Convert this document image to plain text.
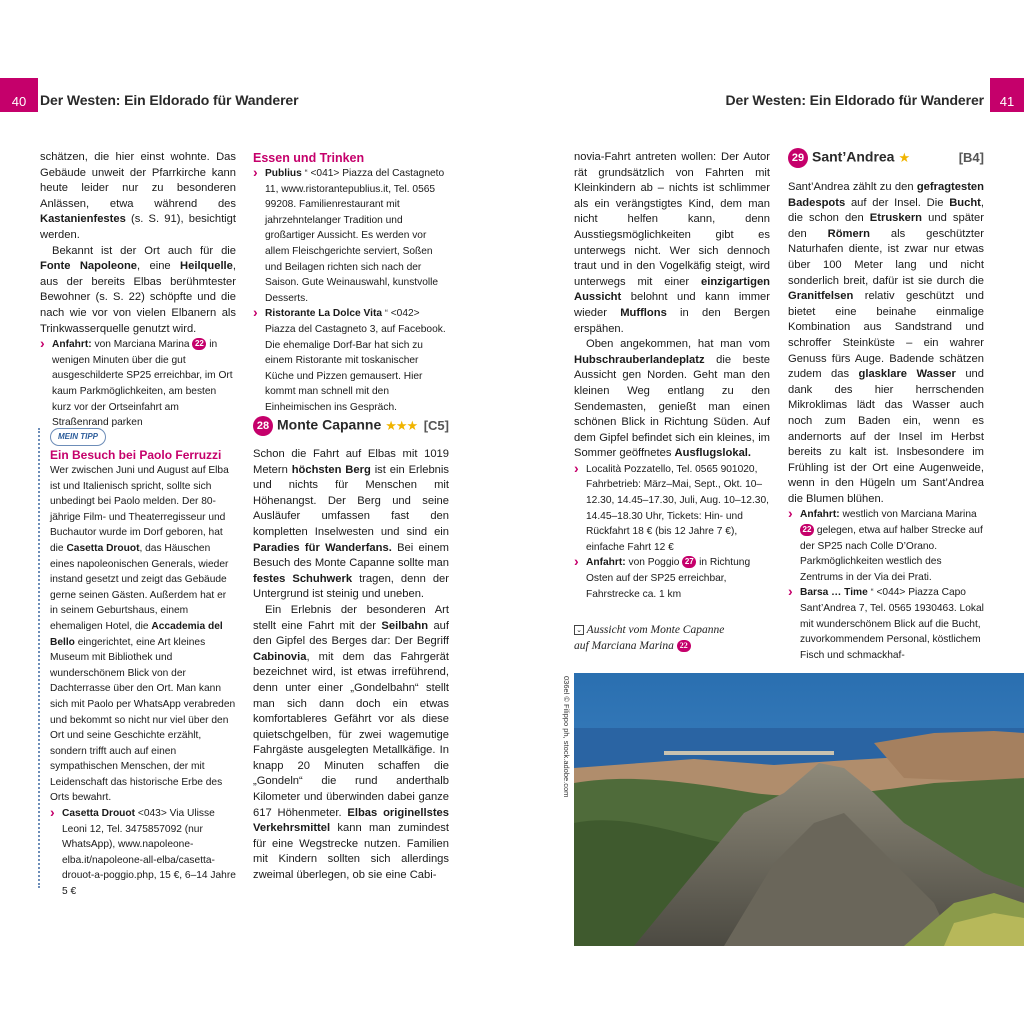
40 Der Westen: Ein Eldorado für Wanderer	Der Westen: Ein Eldorado für Wanderer	41

schätzen, die hier einst wohnte. Das Gebäude unweit der Pfarrkirche kann heute leider nur zu besonderen Anlässen, etwa während des Kastanienfestes (s. S. 91), besichtigt werden.

Bekannt ist der Ort auch für die Fonte Napoleone, eine Heilquelle, aus der bereits Elbas berühmtester Bewohner (s. S. 22) schöpfte und die nach wie vor von vielen Elbanern als Trinkwasserquelle genutzt wird.

› Anfahrt: von Marciana Marina 22 in wenigen Minuten über die gut ausgeschilderte SP25 erreichbar, im Ort kaum Parkmöglichkeiten, am besten kurz vor der Ortseinfahrt am Straßenrand parken
MEIN TIPP
Ein Besuch bei Paolo Ferruzzi

Wer zwischen Juni und August auf Elba ist und Italienisch spricht, sollte sich unbedingt bei Paolo melden. Der 80-jährige Film- und Theaterregisseur und Buchautor wurde im Dorf geboren, hat die Casetta Drouot, das Häuschen eines napoleonischen Generals, wieder instand gesetzt und zeigt das Gebäude gerne seinen Gästen. Außerdem hat er in seinem Geburtshaus, einem ehemaligen Hotel, die Accademia del Bello eingerichtet, eine Art kleines Museum mit Bibliothek und wunderschönem Blick von der Dachterrasse über den Ort. Man kann sich mit Paolo per WhatsApp verabreden und bekommt so nicht nur viel über den Ort und seine Geschichte erzählt, sondern trifft auch auf einen sympathischen Menschen, der mit Leidenschaft das historische Erbe des Orts bewahrt.

› Casetta Drouot <043> Via Ulisse Leoni 12, Tel. 3475857092 (nur WhatsApp), www.napoleone-elba.it/napoleone-all-elba/casetta-drouot-a-poggio.php, 15 €, 6–14 Jahre 5 €
Essen und Trinken
› Publius “ <041> Piazza del Castagneto 11, www.ristorantepublius.it, Tel. 0565 99208. Familienrestaurant mit jahrzehntelanger Tradition und großartiger Aussicht. Es werden vor allem Fleischgerichte serviert, Soßen und Beilagen richten sich nach der Saison. Gute Weinauswahl, kunstvolle Desserts.
› Ristorante La Dolce Vita “ <042> Piazza del Castagneto 3, auf Facebook. Die ehemalige Dorf-Bar hat sich zu einem Ristorante mit toskanischer Küche und Pizzen gemausert. Hier kommt man schnell mit den Einheimischen ins Gespräch.
28 Monte Capanne ★★★ [C5]

Schon die Fahrt auf Elbas mit 1019 Metern höchsten Berg ist ein Erlebnis und nichts für Menschen mit Höhenangst. Der Berg und seine Ausläufer umfassen fast den kompletten Inselwesten und sind ein Paradies für Wanderfans. Bei einem Besuch des Monte Capanne sollte man festes Schuhwerk tragen, denn der Untergrund ist steinig und uneben.

Ein Erlebnis der besonderen Art stellt eine Fahrt mit der Seilbahn auf den Gipfel des Berges dar: Der Begriff Cabinovia, mit dem das Fahrgerät bezeichnet wird, ist etwas irreführend, denn unter einer „Gondelbahn“ stellt man sich dann doch ein etwas komfortableres Gefährt vor als diese quietschgelben, für zwei wagemutige Fahrgäste ausgelegten Metallkäfige. In knapp 20 Minuten schaffen die „Gondeln“ die rund anderthalb Kilometer und überwinden dabei ganze 617 Höhenmeter. Elbas originellstes Verkehrsmittel kann man zumindest für eine Wegstrecke nutzen. Familien mit Kindern sollten sich allerdings zweimal überlegen, ob sie eine Cabi-

novia-Fahrt antreten wollen: Der Autor rät grundsätzlich von Fahrten mit Kleinkindern ab – nichts ist schlimmer als ein verängstigtes Kind, dem man nicht helfen kann, denn Ausstiegsmöglichkeiten gibt es unterwegs nicht. Wer sich dennoch traut und in den Vogelkäfig steigt, wird unterwegs mit einer einzigartigen Aussicht belohnt und kann immer wieder Mufflons in den Bergen erspähen.

Oben angekommen, hat man vom Hubschrauberlandeplatz die beste Aussicht gen Norden. Geht man den kleinen Weg entlang zu den Sendemasten, genießt man einen schönen Blick in Richtung Süden. Auf dem Gipfel befindet sich ein kleines, im Sommer geöffnetes Ausflugslokal.

› Località Pozzatello, Tel. 0565 901020, Fahrbetrieb: März–Mai, Sept., Okt. 10–12.30, 14.45–17.30, Juli, Aug. 10–12.30, 14.45–18.30 Uhr, Tickets: Hin- und Rückfahrt 18 € (bis 12 Jahre 7 €), einfache Fahrt 12 €
› Anfahrt: von Poggio 27 in Richtung Osten auf der SP25 erreichbar, Fahrstrecke ca. 1 km
⌄ Aussicht vom Monte Capanne
auf Marciana Marina 22
036el © Filippo ph, stock.adobe.com
29 Sant’Andrea ★	[B4]

Sant’Andrea zählt zu den gefragtesten Badespots auf der Insel. Die Bucht, die schon den Etruskern und später den Römern als geschützter Naturhafen diente, ist zwar nur etwas über 100 Meter lang und nicht sonderlich breit, dafür ist sie durch die Granitfelsen relativ geschützt und bietet eine beinahe einmalige Kombination aus Sandstrand und schroffer Steinküste – ein wahrer Genuss fürs Auge. Badende schätzen zudem das glasklare Wasser und dank des hier herrschenden Mikroklimas lädt das Wasser auch noch zum Baden ein, wenn es andernorts auf der Insel im Herbst bereits zu kalt ist. Insbesondere im Frühling ist der Ort eine Augenweide, wenn in den Hügeln um Sant’Andrea die Blumen blühen.

› Anfahrt: westlich von Marciana Marina 22 gelegen, etwa auf halber Strecke auf der SP25 nach Colle D’Orano. Parkmöglichkeiten westlich des Zentrums in der Via dei Prati.
› Barsa … Time “ <044> Piazza Capo Sant’Andrea 7, Tel. 0565 1930463. Lokal mit wunderschönem Blick auf die Bucht, zuvorkommendem Personal, köstlichem Fisch und schmackhaf-
